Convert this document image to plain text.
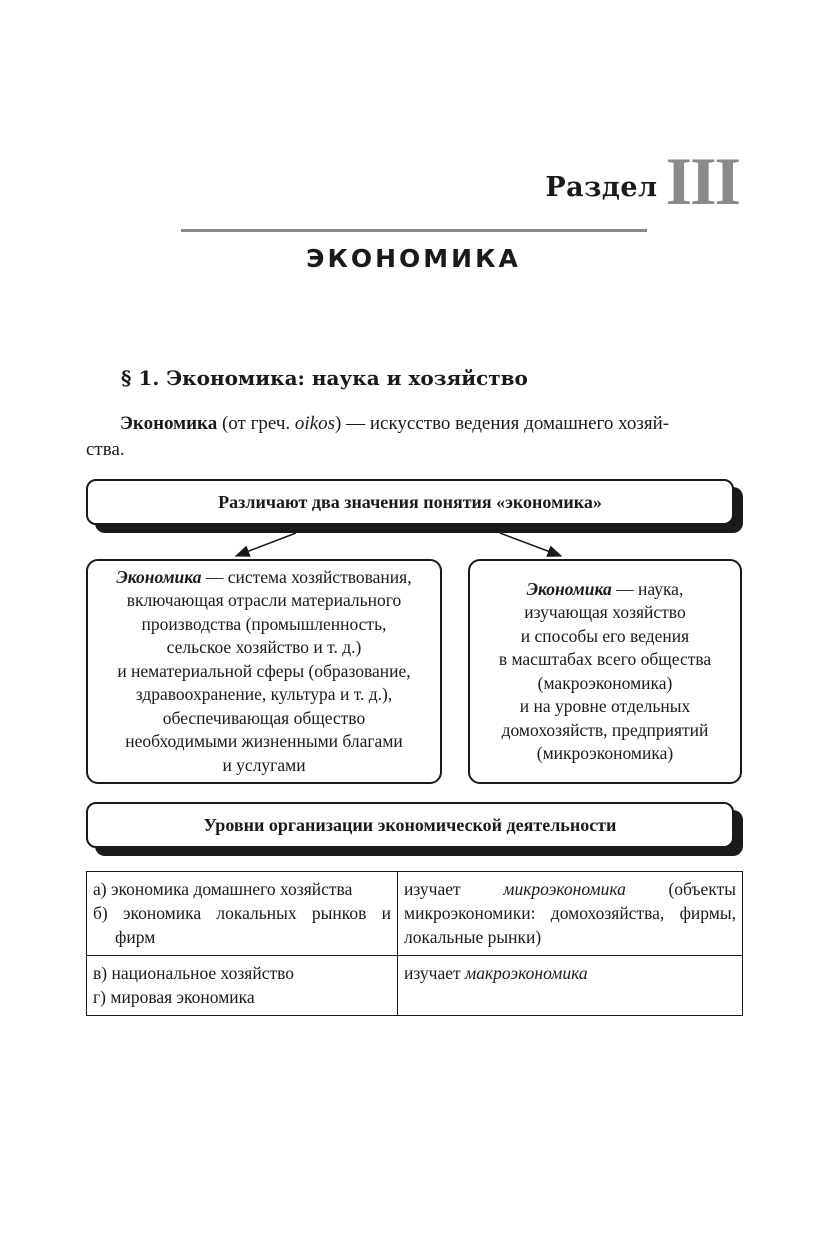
Раздел III
ЭКОНОМИКА
§ 1. Экономика: наука и хозяйство
Экономика (от греч. oikos) — искусство ведения домашнего хозяй-
ства.
Различают два значения понятия «экономика»
Экономика — система хозяйствования,
включающая отрасли материального
производства (промышленность,
сельское хозяйство и т. д.)
и нематериальной сферы (образование,
здравоохранение, культура и т. д.),
обеспечивающая общество
необходимыми жизненными благами
и услугами
Экономика — наука,
изучающая хозяйство
и способы его ведения
в масштабах всего общества
(макроэкономика)
и на уровне отдельных
домохозяйств, предприятий
(микроэкономика)
Уровни организации экономической деятельности
а) экономика домашнего хозяйства
б) экономика локальных рынков и фирм	изучает микроэкономика (объекты микроэкономики: домохозяйства, фирмы, локальные рынки)

в) национальное хозяйство
г) мировая экономика	изучает макроэкономика
